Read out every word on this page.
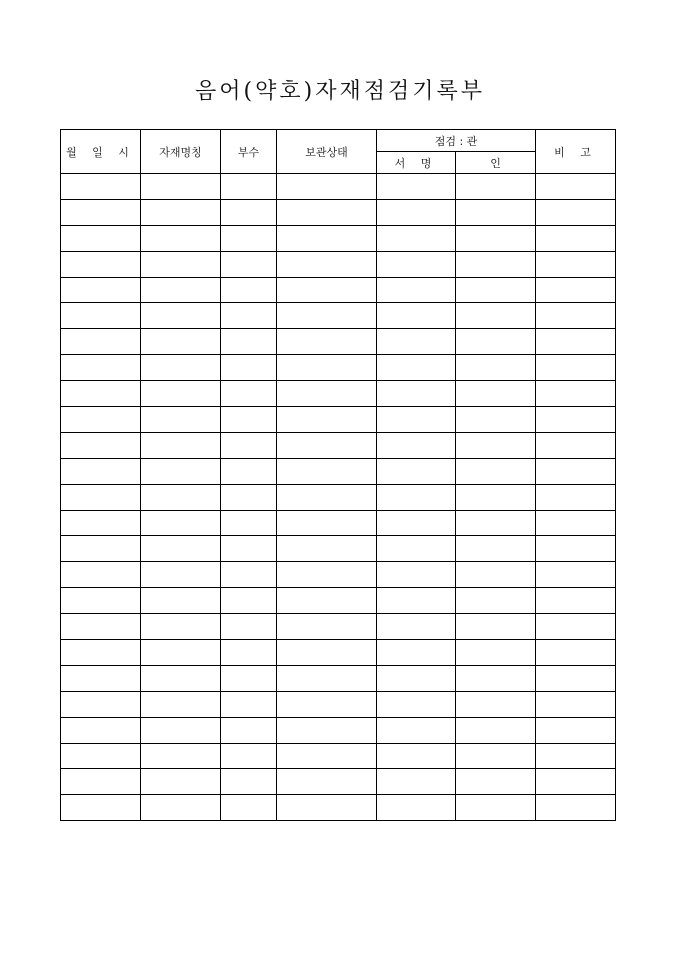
음어(약호)자재점검기록부
월 일 시	자재명칭	부수	보관상태	점검 : 관		비 고
				서 명	인	
